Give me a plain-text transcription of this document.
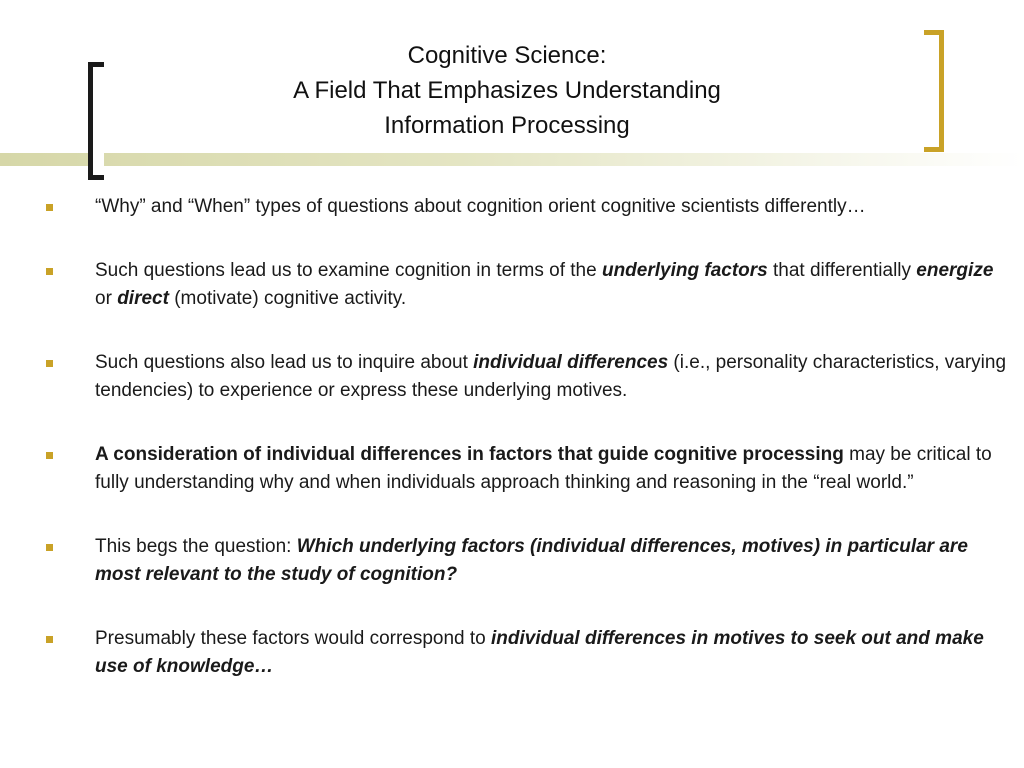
Cognitive Science:
A Field That Emphasizes Understanding
Information Processing
“Why” and “When” types of questions about cognition orient cognitive scientists differently…
Such questions lead us to examine cognition in terms of the underlying factors that differentially energize or direct (motivate) cognitive activity.
Such questions also lead us to inquire about individual differences (i.e., personality characteristics, varying tendencies) to experience or express these underlying motives.
A consideration of individual differences in factors that guide cognitive processing may be critical to fully understanding why and when individuals approach thinking and reasoning in the “real world.”
This begs the question: Which underlying factors (individual differences, motives) in particular are most relevant to the study of cognition?
Presumably these factors would correspond to individual differences in motives to seek out and make use of knowledge…
